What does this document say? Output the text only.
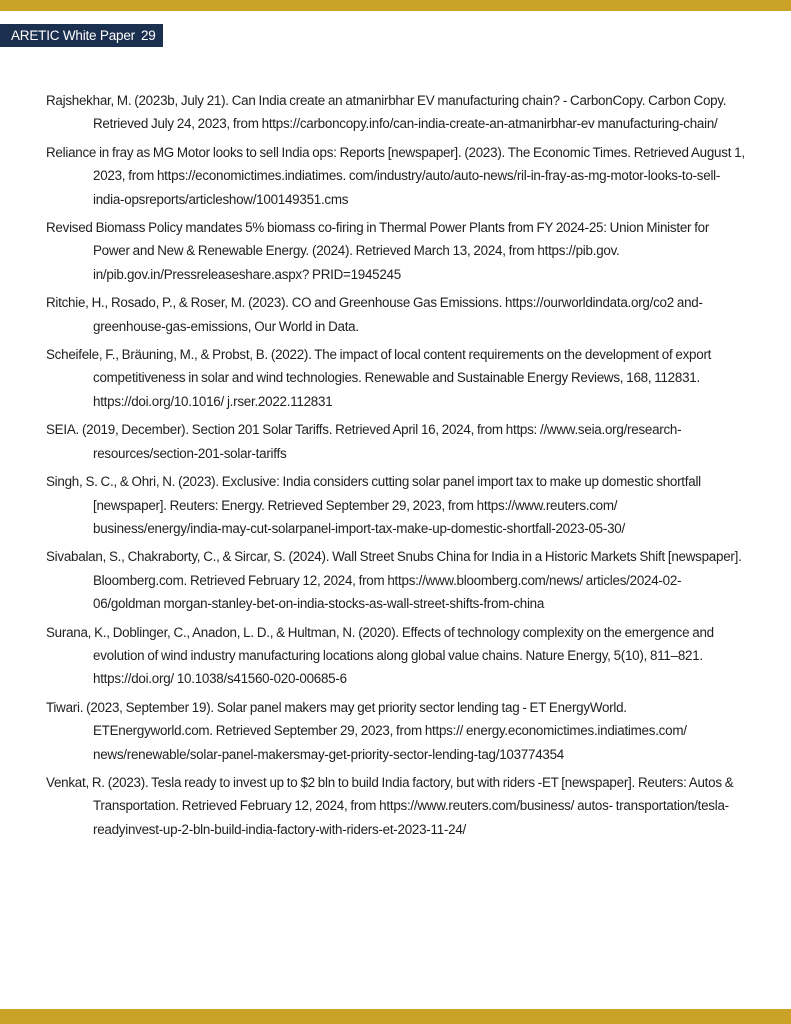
ARETIC White Paper 29
Rajshekhar, M. (2023b, July 21). Can India create an atmanirbhar EV manufacturing chain? - CarbonCopy. Carbon Copy. Retrieved July 24, 2023, from https://carboncopy.info/can-india-create-an-atmanirbhar-ev manufacturing-chain/
Reliance in fray as MG Motor looks to sell India ops: Reports [newspaper]. (2023). The Economic Times. Retrieved August 1, 2023, from https://economictimes.indiatimes. com/industry/auto/auto-news/ril-in-fray-as-mg-motor-looks-to-sell-india-opsreports/articleshow/100149351.cms
Revised Biomass Policy mandates 5% biomass co-firing in Thermal Power Plants from FY 2024-25: Union Minister for Power and New & Renewable Energy. (2024). Retrieved March 13, 2024, from https://pib.gov. in/pib.gov.in/Pressreleaseshare.aspx? PRID=1945245
Ritchie, H., Rosado, P., & Roser, M. (2023). CO and Greenhouse Gas Emissions. https://ourworldindata.org/co2 and-greenhouse-gas-emissions, Our World in Data.
Scheifele, F., Bräuning, M., & Probst, B. (2022). The impact of local content requirements on the development of export competitiveness in solar and wind technologies. Renewable and Sustainable Energy Reviews, 168, 112831. https://doi.org/10.1016/ j.rser.2022.112831
SEIA. (2019, December). Section 201 Solar Tariffs. Retrieved April 16, 2024, from https: //www.seia.org/research-resources/section-201-solar-tariffs
Singh, S. C., & Ohri, N. (2023). Exclusive: India considers cutting solar panel import tax to make up domestic shortfall [newspaper]. Reuters: Energy. Retrieved September 29, 2023, from https://www.reuters.com/ business/energy/india-may-cut-solarpanel-import-tax-make-up-domestic-shortfall-2023-05-30/
Sivabalan, S., Chakraborty, C., & Sircar, S. (2024). Wall Street Snubs China for India in a Historic Markets Shift [newspaper]. Bloomberg.com. Retrieved February 12, 2024, from https://www.bloomberg.com/news/ articles/2024-02-06/goldman morgan-stanley-bet-on-india-stocks-as-wall-street-shifts-from-china
Surana, K., Doblinger, C., Anadon, L. D., & Hultman, N. (2020). Effects of technology complexity on the emergence and evolution of wind industry manufacturing locations along global value chains. Nature Energy, 5(10), 811–821. https://doi.org/ 10.1038/s41560-020-00685-6
Tiwari. (2023, September 19). Solar panel makers may get priority sector lending tag - ET EnergyWorld. ETEnergyworld.com. Retrieved September 29, 2023, from https:// energy.economictimes.indiatimes.com/ news/renewable/solar-panel-makersmay-get-priority-sector-lending-tag/103774354
Venkat, R. (2023). Tesla ready to invest up to $2 bln to build India factory, but with riders -ET [newspaper]. Reuters: Autos & Transportation. Retrieved February 12, 2024, from https://www.reuters.com/business/ autos- transportation/tesla- readyinvest-up-2-bln-build-india-factory-with-riders-et-2023-11-24/
